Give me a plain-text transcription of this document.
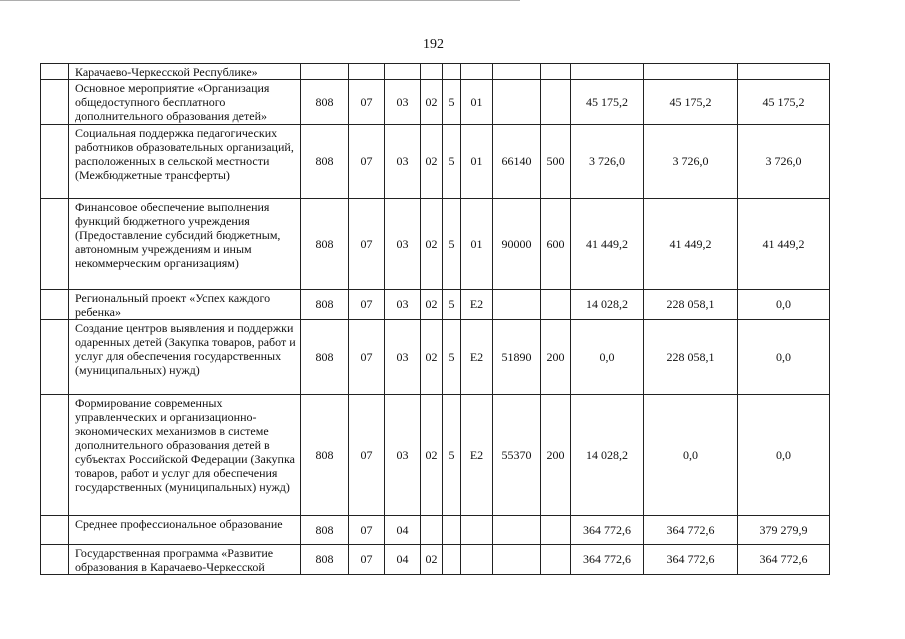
192
	Карачаево-Черкесской Республике»											
	Основное мероприятие «Организация общедоступного бесплатного дополнительного образования детей»	808	07	03	02	5	01			45 175,2	45 175,2	45 175,2
	Социальная поддержка педагогических работников образовательных организаций, расположенных в сельской местности (Межбюджетные трансферты)	808	07	03	02	5	01	66140	500	3 726,0	3 726,0	3 726,0
	Финансовое обеспечение выполнения функций бюджетного учреждения (Предоставление субсидий бюджетным, автономным учреждениям и иным некоммерческим организациям)	808	07	03	02	5	01	90000	600	41 449,2	41 449,2	41 449,2
	Региональный проект «Успех каждого ребенка»	808	07	03	02	5	E2			14 028,2	228 058,1	0,0
	Создание центров выявления и поддержки одаренных детей (Закупка товаров, работ и услуг для обеспечения государственных (муниципальных) нужд)	808	07	03	02	5	E2	51890	200	0,0	228 058,1	0,0
	Формирование современных управленческих и организационно-экономических механизмов в системе дополнительного образования детей в субъектах Российской Федерации (Закупка товаров, работ и услуг для обеспечения государственных (муниципальных) нужд)	808	07	03	02	5	E2	55370	200	14 028,2	0,0	0,0
	Среднее профессиональное образование	808	07	04						364 772,6	364 772,6	379 279,9
	Государственная программа «Развитие образования в Карачаево-Черкесской	808	07	04	02					364 772,6	364 772,6	364 772,6
